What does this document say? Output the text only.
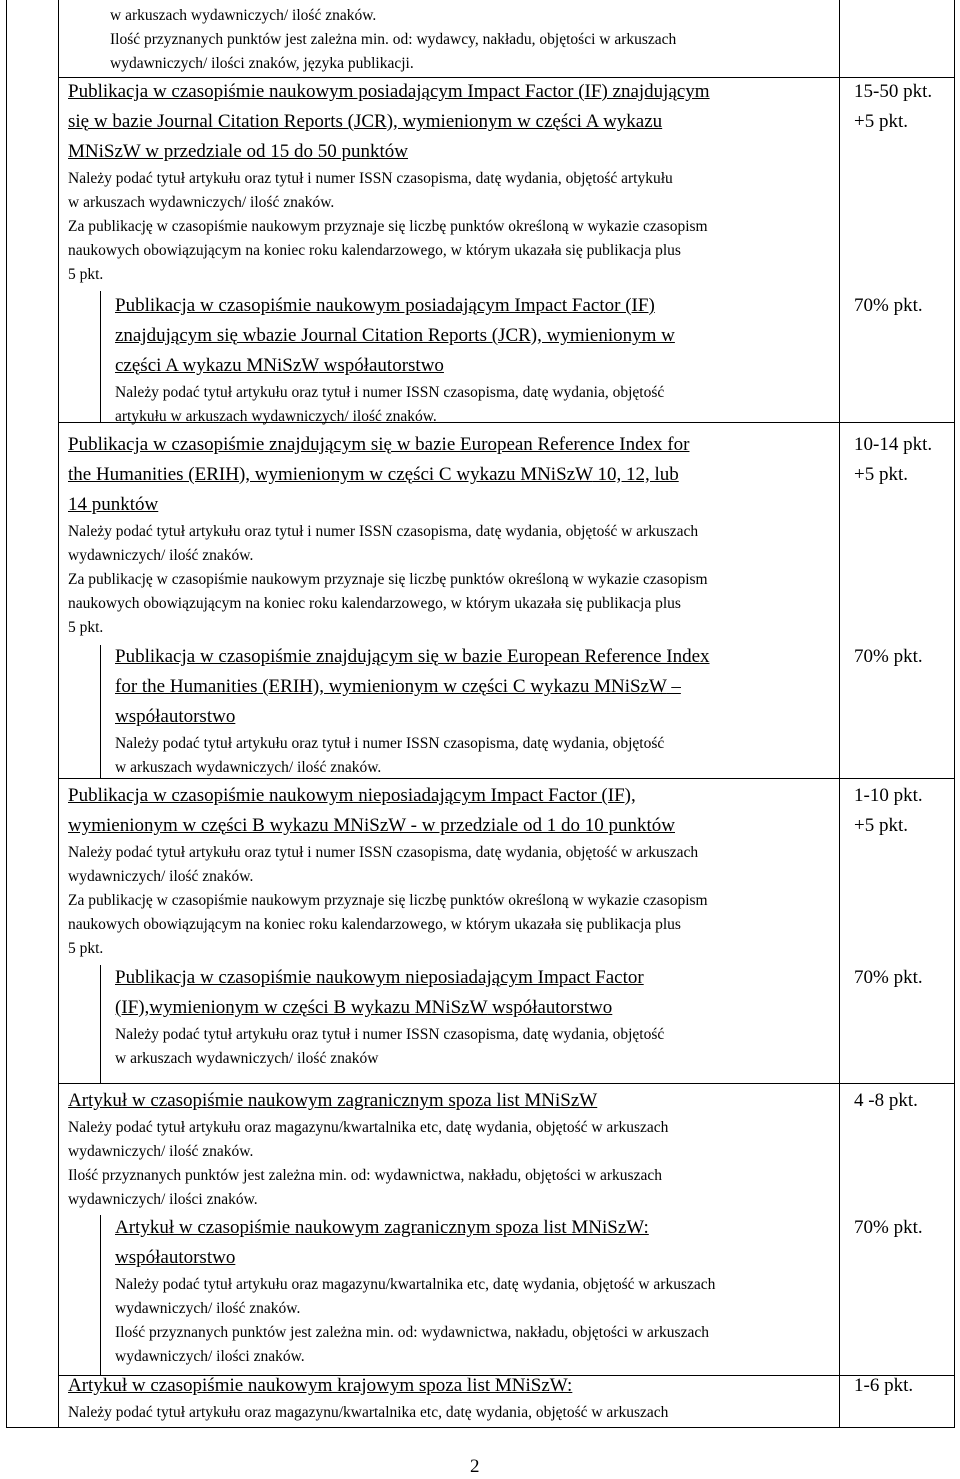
w arkuszach wydawniczych/ ilość znaków.
Ilość przyznanych punktów jest zależna min. od: wydawcy, nakładu, objętości w arkuszach
wydawniczych/ ilości znaków, języka publikacji.
Publikacja w czasopiśmie naukowym posiadającym Impact Factor (IF) znajdującym
się w bazie Journal Citation Reports (JCR), wymienionym w części A wykazu
MNiSzW w przedziale od 15 do 50 punktów
Należy podać tytuł artykułu oraz tytuł i numer ISSN czasopisma, datę wydania, objętość artykułu
w arkuszach wydawniczych/ ilość znaków.
Za publikację w czasopiśmie naukowym przyznaje się liczbę punktów określoną w wykazie czasopism
naukowych obowiązującym na koniec roku kalendarzowego, w którym ukazała się publikacja plus
5 pkt.
15-50 pkt.
+5 pkt.
Publikacja w czasopiśmie naukowym posiadającym Impact Factor (IF)
znajdującym się wbazie Journal Citation Reports (JCR), wymienionym w
części A wykazu MNiSzW współautorstwo
Należy podać tytuł artykułu oraz tytuł i numer ISSN czasopisma, datę wydania, objętość
artykułu w arkuszach wydawniczych/ ilość znaków.
70% pkt.
Publikacja w czasopiśmie znajdującym się w bazie European Reference Index for
the Humanities (ERIH), wymienionym w części C wykazu MNiSzW 10, 12, lub
14 punktów
Należy podać tytuł artykułu oraz tytuł i numer ISSN czasopisma, datę wydania, objętość w arkuszach
wydawniczych/ ilość znaków.
Za publikację w czasopiśmie naukowym przyznaje się liczbę punktów określoną w wykazie czasopism
naukowych obowiązującym na koniec roku kalendarzowego, w którym ukazała się publikacja plus
5 pkt.
10-14 pkt.
+5 pkt.
Publikacja w czasopiśmie znajdującym się w bazie European Reference Index
for the Humanities (ERIH), wymienionym w części C wykazu MNiSzW –
współautorstwo
Należy podać tytuł artykułu oraz tytuł i numer ISSN czasopisma, datę wydania, objętość
w arkuszach wydawniczych/ ilość znaków.
70% pkt.
Publikacja w czasopiśmie naukowym nieposiadającym Impact Factor (IF),
wymienionym w części B wykazu MNiSzW - w przedziale od 1 do 10 punktów
Należy podać tytuł artykułu oraz tytuł i numer ISSN czasopisma, datę wydania, objętość w arkuszach
wydawniczych/ ilość znaków.
Za publikację w czasopiśmie naukowym przyznaje się liczbę punktów określoną w wykazie czasopism
naukowych obowiązującym na koniec roku kalendarzowego, w którym ukazała się publikacja plus
5 pkt.
1-10 pkt.
+5 pkt.
Publikacja w czasopiśmie naukowym nieposiadającym Impact Factor
(IF),wymienionym w części B wykazu MNiSzW współautorstwo
Należy podać tytuł artykułu oraz tytuł i numer ISSN czasopisma, datę wydania, objętość
w arkuszach wydawniczych/ ilość znaków
70% pkt.
Artykuł w czasopiśmie naukowym zagranicznym spoza list MNiSzW
Należy podać tytuł artykułu oraz magazynu/kwartalnika etc, datę wydania, objętość w arkuszach
wydawniczych/ ilość znaków.
Ilość przyznanych punktów jest zależna min. od: wydawnictwa, nakładu, objętości w arkuszach
wydawniczych/ ilości znaków.
4 -8 pkt.
Artykuł w czasopiśmie naukowym zagranicznym spoza list MNiSzW:
współautorstwo
Należy podać tytuł artykułu oraz magazynu/kwartalnika etc, datę wydania, objętość w arkuszach
wydawniczych/ ilość znaków.
Ilość przyznanych punktów jest zależna min. od: wydawnictwa, nakładu, objętości w arkuszach
wydawniczych/ ilości znaków.
70% pkt.
Artykuł w czasopiśmie naukowym krajowym spoza list MNiSzW:
Należy podać tytuł artykułu oraz magazynu/kwartalnika etc, datę wydania, objętość w arkuszach
1-6 pkt.
2
